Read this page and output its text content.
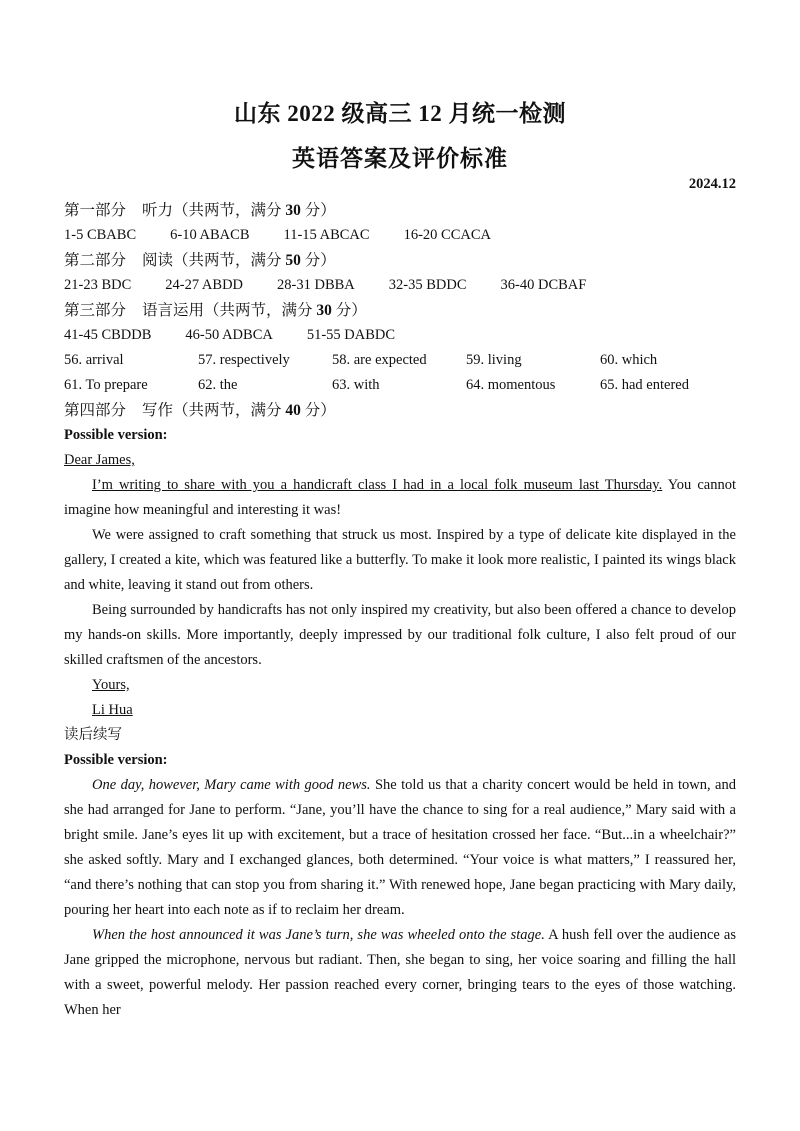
山东 2022 级高三 12 月统一检测
英语答案及评价标准
2024.12
第一部分 听力（共两节，满分 30 分）
1-5 CBABC 6-10 ABACB 11-15 ABCAC 16-20 CCACA
第二部分 阅读（共两节，满分 50 分）
21-23 BDC 24-27 ABDD 28-31 DBBA 32-35 BDDC 36-40 DCBAF
第三部分 语言运用（共两节，满分 30 分）
41-45 CBDDB 46-50 ADBCA 51-55 DABDC
56. arrival	57. respectively	58. are expected	59. living	60. which
61. To prepare	62. the	63. with	64. momentous	65. had entered
第四部分 写作（共两节，满分 40 分）
Possible version:
Dear James,

I’m writing to share with you a handicraft class I had in a local folk museum last Thursday. You cannot imagine how meaningful and interesting it was!

We were assigned to craft something that struck us most. Inspired by a type of delicate kite displayed in the gallery, I created a kite, which was featured like a butterfly. To make it look more realistic, I painted its wings black and white, leaving it stand out from others.

Being surrounded by handicrafts has not only inspired my creativity, but also been offered a chance to develop my hands-on skills. More importantly, deeply impressed by our traditional folk culture, I also felt proud of our skilled craftsmen of the ancestors.

Yours,
Li Hua
读后续写
Possible version:

One day, however, Mary came with good news. She told us that a charity concert would be held in town, and she had arranged for Jane to perform. “Jane, you’ll have the chance to sing for a real audience,” Mary said with a bright smile. Jane’s eyes lit up with excitement, but a trace of hesitation crossed her face. “But...in a wheelchair?” she asked softly. Mary and I exchanged glances, both determined. “Your voice is what matters,” I reassured her, “and there’s nothing that can stop you from sharing it.” With renewed hope, Jane began practicing with Mary daily, pouring her heart into each note as if to reclaim her dream.

When the host announced it was Jane’s turn, she was wheeled onto the stage. A hush fell over the audience as Jane gripped the microphone, nervous but radiant. Then, she began to sing, her voice soaring and filling the hall with a sweet, powerful melody. Her passion reached every corner, bringing tears to the eyes of those watching. When her
